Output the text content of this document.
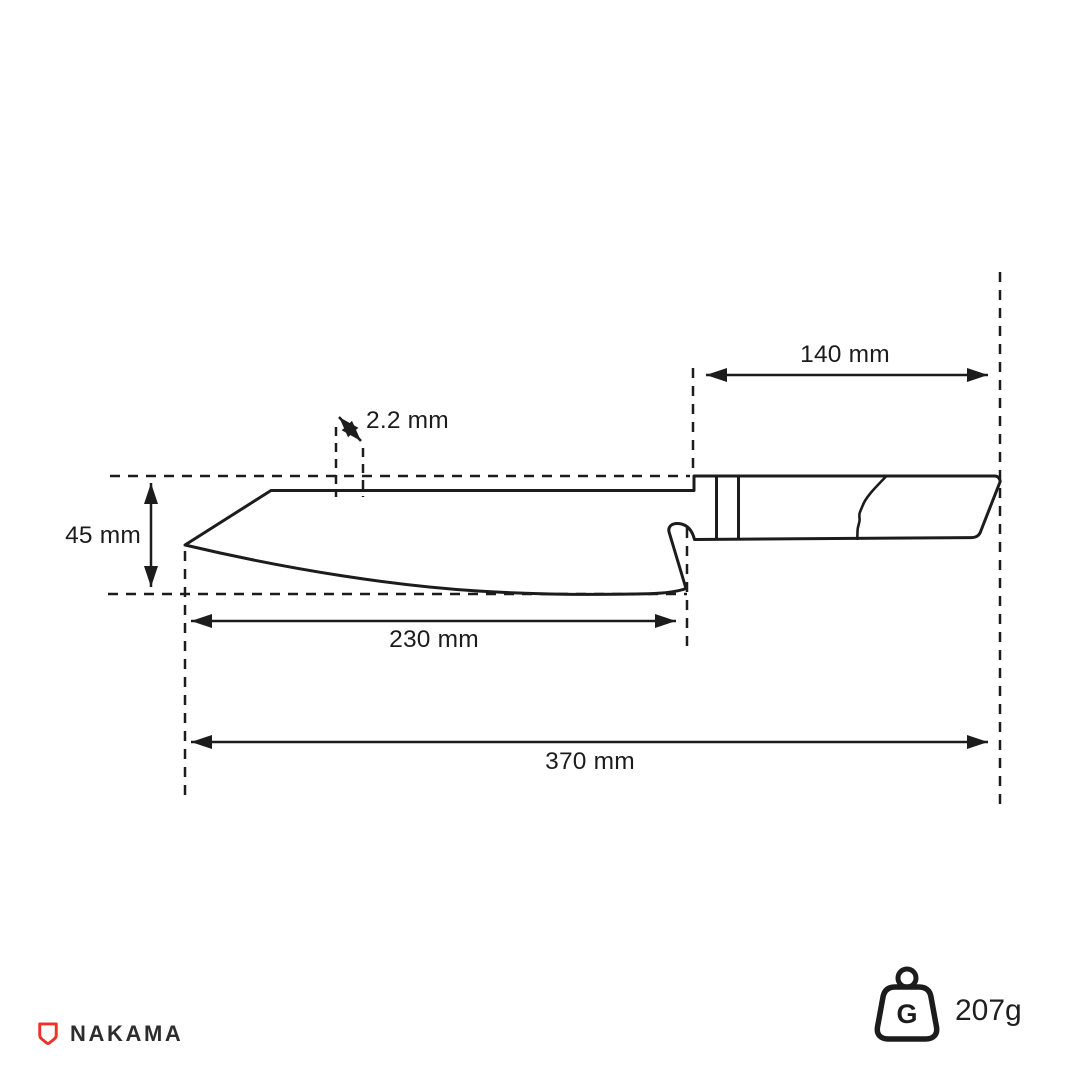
140 mm
2.2 mm
45 mm
230 mm
370 mm
NAKAMA
G 207g
